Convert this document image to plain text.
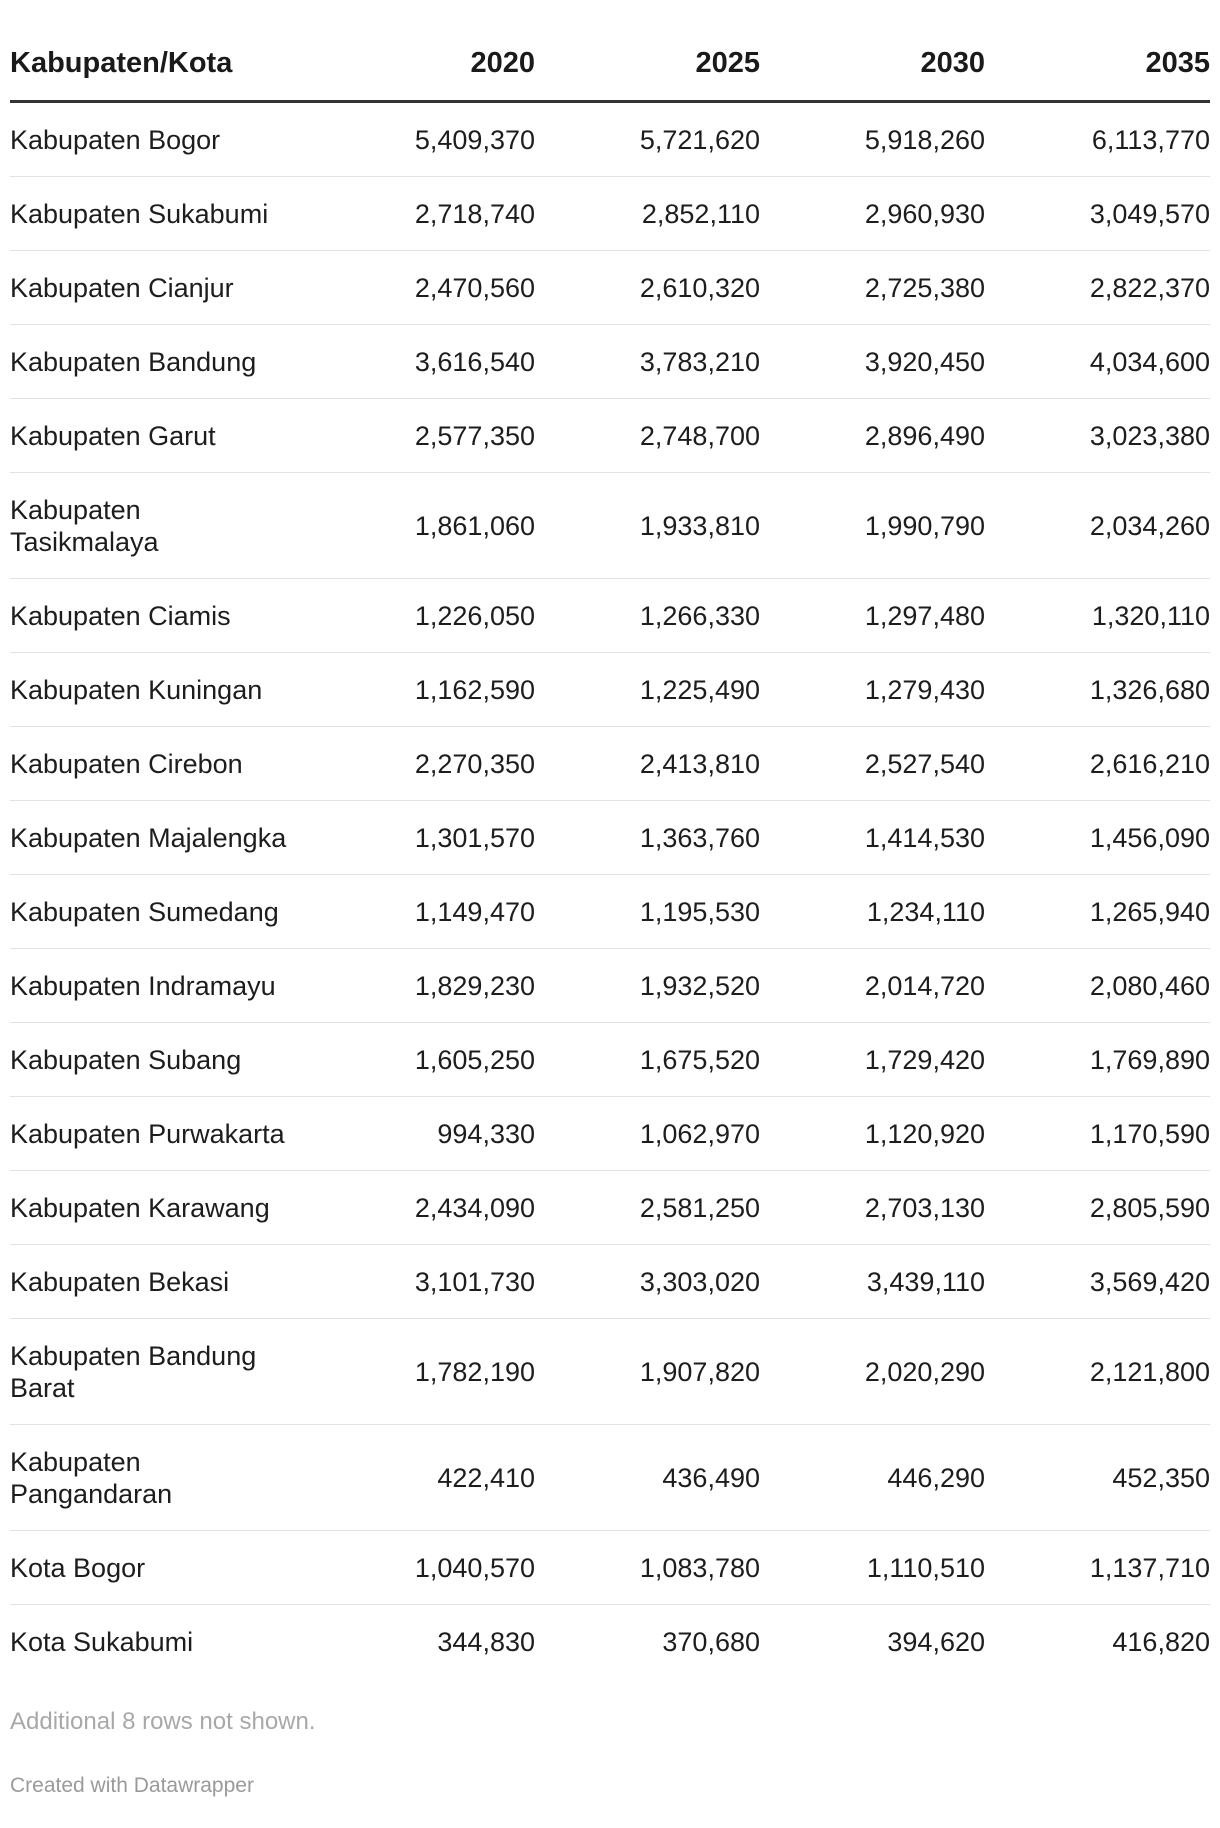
Kabupaten/Kota	2020	2025	2030	2035
Kabupaten Bogor	5,409,370	5,721,620	5,918,260	6,113,770
Kabupaten Sukabumi	2,718,740	2,852,110	2,960,930	3,049,570
Kabupaten Cianjur	2,470,560	2,610,320	2,725,380	2,822,370
Kabupaten Bandung	3,616,540	3,783,210	3,920,450	4,034,600
Kabupaten Garut	2,577,350	2,748,700	2,896,490	3,023,380
Kabupaten Tasikmalaya	1,861,060	1,933,810	1,990,790	2,034,260
Kabupaten Ciamis	1,226,050	1,266,330	1,297,480	1,320,110
Kabupaten Kuningan	1,162,590	1,225,490	1,279,430	1,326,680
Kabupaten Cirebon	2,270,350	2,413,810	2,527,540	2,616,210
Kabupaten Majalengka	1,301,570	1,363,760	1,414,530	1,456,090
Kabupaten Sumedang	1,149,470	1,195,530	1,234,110	1,265,940
Kabupaten Indramayu	1,829,230	1,932,520	2,014,720	2,080,460
Kabupaten Subang	1,605,250	1,675,520	1,729,420	1,769,890
Kabupaten Purwakarta	994,330	1,062,970	1,120,920	1,170,590
Kabupaten Karawang	2,434,090	2,581,250	2,703,130	2,805,590
Kabupaten Bekasi	3,101,730	3,303,020	3,439,110	3,569,420
Kabupaten Bandung Barat	1,782,190	1,907,820	2,020,290	2,121,800
Kabupaten Pangandaran	422,410	436,490	446,290	452,350
Kota Bogor	1,040,570	1,083,780	1,110,510	1,137,710
Kota Sukabumi	344,830	370,680	394,620	416,820
Additional 8 rows not shown.
Created with Datawrapper
